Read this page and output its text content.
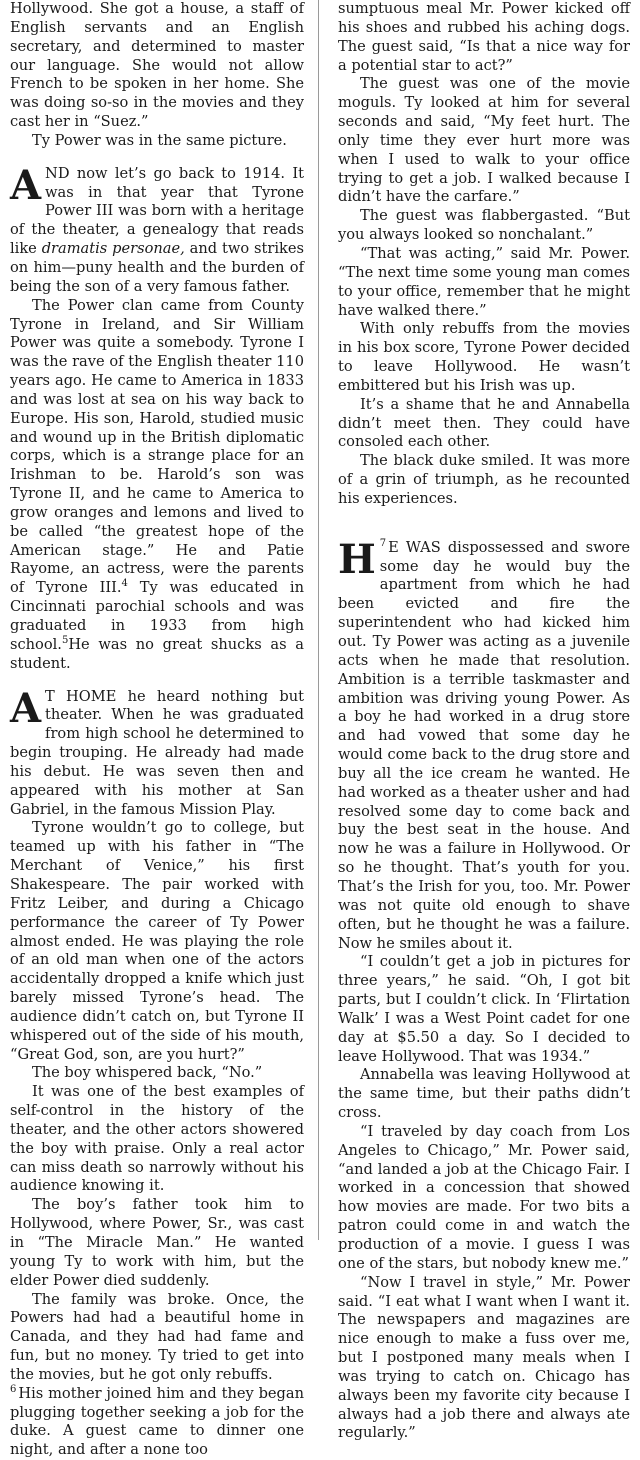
Hollywood. She got a house, a staff of English servants and an English secretary, and determined to master our language. She would not allow French to be spoken in her home. She was doing so-so in the movies and they cast her in “Suez.”

Ty Power was in the same picture.

AND now let’s go back to 1914. It was in that year that Tyrone Power III was born with a heritage of the theater, a genealogy that reads like dramatis personae, and two strikes on him—puny health and the burden of being the son of a very famous father.

The Power clan came from County Tyrone in Ireland, and Sir William Power was quite a somebody. Tyrone I was the rave of the English theater 110 years ago. He came to America in 1833 and was lost at sea on his way back to Europe. His son, Harold, studied music and wound up in the British diplomatic corps, which is a strange place for an Irishman to be. Harold’s son was Tyrone II, and he came to America to grow oranges and lemons and lived to be called “the greatest hope of the American stage.” He and Patie Rayome, an actress, were the parents of Tyrone III.$^4$ Ty was educated in Cincinnati parochial schools and was graduated in 1933 from high school.$^5$He was no great shucks as a student.

A T HOME he heard nothing but theater. When he was graduated from high school he determined to begin trouping. He already had made his debut. He was seven then and appeared with his mother at San Gabriel, in the famous Mission Play.

Tyrone wouldn’t go to college, but teamed up with his father in “The Merchant of Venice,” his first Shakespeare. The pair worked with Fritz Leiber, and during a Chicago performance the career of Ty Power almost ended. He was playing the role of an old man when one of the actors accidentally dropped a knife which just barely missed Tyrone’s head. The audience didn’t catch on, but Tyrone II whispered out of the side of his mouth, “Great God, son, are you hurt?”

The boy whispered back, “No.”

It was one of the best examples of self-control in the history of the theater, and the other actors showered the boy with praise. Only a real actor can miss death so narrowly without his audience knowing it.

The boy’s father took him to Hollywood, where Power, Sr., was cast in “The Miracle Man.” He wanted young Ty to work with him, but the elder Power died suddenly.

The family was broke. Once, the Powers had had a beautiful home in Canada, and they had had fame and fun, but no money. Ty tried to get into the movies, but he got only rebuffs.

$^6$ His mother joined him and they began plugging together seeking a job for the duke. A guest came to dinner one night, and after a none too

sumptuous meal Mr. Power kicked off his shoes and rubbed his aching dogs. The guest said, “Is that a nice way for a potential star to act?”

The guest was one of the movie moguls. Ty looked at him for several seconds and said, “My feet hurt. The only time they ever hurt more was when I used to walk to your office trying to get a job. I walked because I didn’t have the carfare.”

The guest was flabbergasted. “But you always looked so nonchalant.”

“That was acting,” said Mr. Power. “The next time some young man comes to your office, remember that he might have walked there.”

With only rebuffs from the movies in his box score, Tyrone Power decided to leave Hollywood. He wasn’t embittered but his Irish was up.

It’s a shame that he and Annabella didn’t meet then. They could have consoled each other.

The black duke smiled. It was more of a grin of triumph, as he recounted his experiences.

$^7$
H E WAS dispossessed and swore some day he would buy the apartment from which he had been evicted and fire the superintendent who had kicked him out. Ty Power was acting as a juvenile acts when he made that resolution. Ambition is a terrible taskmaster and ambition was driving young Power. As a boy he had worked in a drug store and had vowed that some day he would come back to the drug store and buy all the ice cream he wanted. He had worked as a theater usher and had resolved some day to come back and buy the best seat in the house. And now he was a failure in Hollywood. Or so he thought. That’s youth for you. That’s the Irish for you, too. Mr. Power was not quite old enough to shave often, but he thought he was a failure. Now he smiles about it.

“I couldn’t get a job in pictures for three years,” he said. “Oh, I got bit parts, but I couldn’t click. In ‘Flirtation Walk’ I was a West Point cadet for one day at $5.50 a day. So I decided to leave Hollywood. That was 1934.”

Annabella was leaving Hollywood at the same time, but their paths didn’t cross.

“I traveled by day coach from Los Angeles to Chicago,” Mr. Power said, “and landed a job at the Chicago Fair. I worked in a concession that showed how movies are made. For two bits a patron could come in and watch the production of a movie. I guess I was one of the stars, but nobody knew me.”

“Now I travel in style,” Mr. Power said. “I eat what I want when I want it. The newspapers and magazines are nice enough to make a fuss over me, but I postponed many meals when I was trying to catch on. Chicago has always been my favorite city because I always had a job there and always ate regularly.”
